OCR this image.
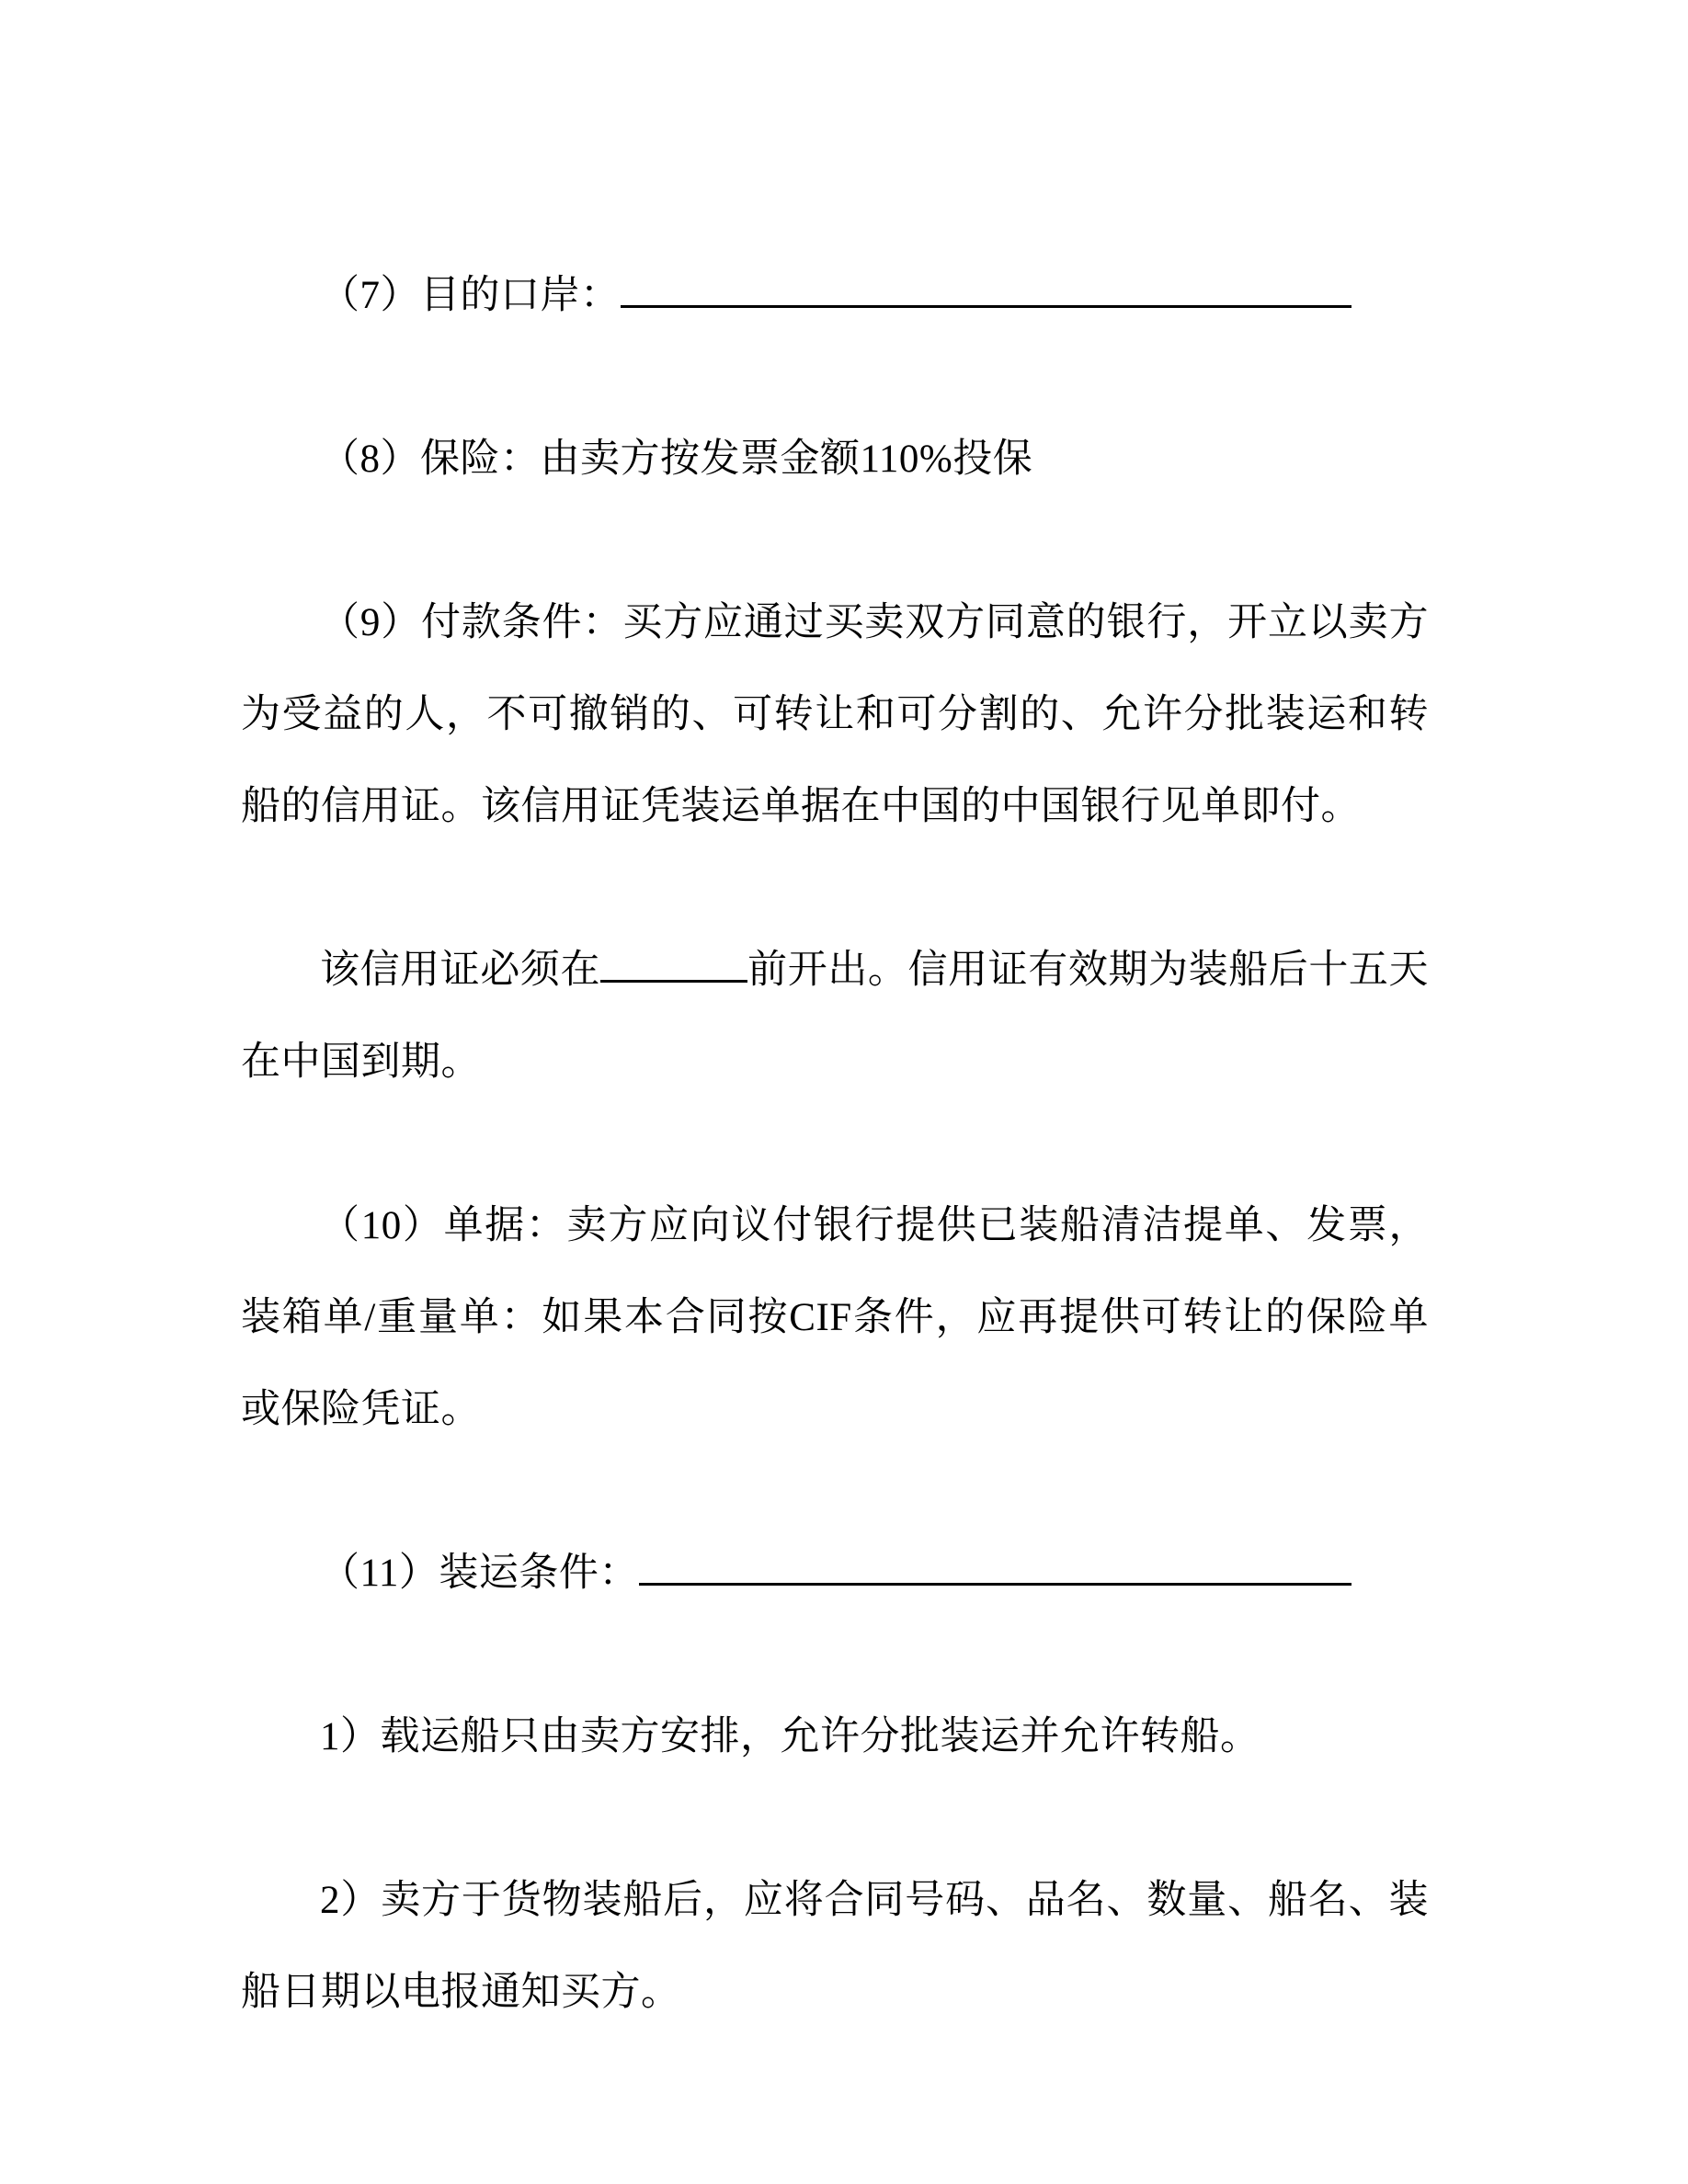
（7）目的口岸：

（8）保险：由卖方按发票金额110%投保

（9）付款条件：买方应通过买卖双方同意的银行，开立以卖方为受益的人，不可撤销的、可转让和可分割的、允许分批装运和转船的信用证。该信用证凭装运单据在中国的中国银行见单即付。

该信用证必须在	前开出。信用证有效期为装船后十五天在中国到期。

（10）单据：卖方应向议付银行提供已装船清洁提单、发票，装箱单/重量单：如果本合同按CIF条件，应再提供可转让的保险单或保险凭证。

（11）装运条件：

1）载运船只由卖方安排，允许分批装运并允许转船。

2）卖方于货物装船后，应将合同号码、品名、数量、船名、装船日期以电报通知买方。
